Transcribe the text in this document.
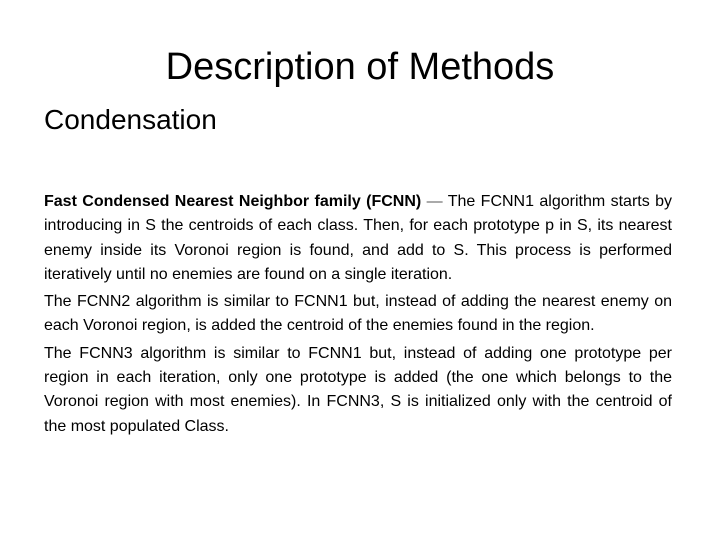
Description of Methods
Condensation

Fast Condensed Nearest Neighbor family (FCNN) — The FCNN1 algorithm starts by introducing in S the centroids of each class. Then, for each prototype p in S, its nearest enemy inside its Voronoi region is found, and add to S. This process is performed iteratively until no enemies are found on a single iteration.

The FCNN2 algorithm is similar to FCNN1 but, instead of adding the nearest enemy on each Voronoi region, is added the centroid of the enemies found in the region.

The FCNN3 algorithm is similar to FCNN1 but, instead of adding one prototype per region in each iteration, only one prototype is added (the one which belongs to the Voronoi region with most enemies). In FCNN3, S is initialized only with the centroid of the most populated Class.
